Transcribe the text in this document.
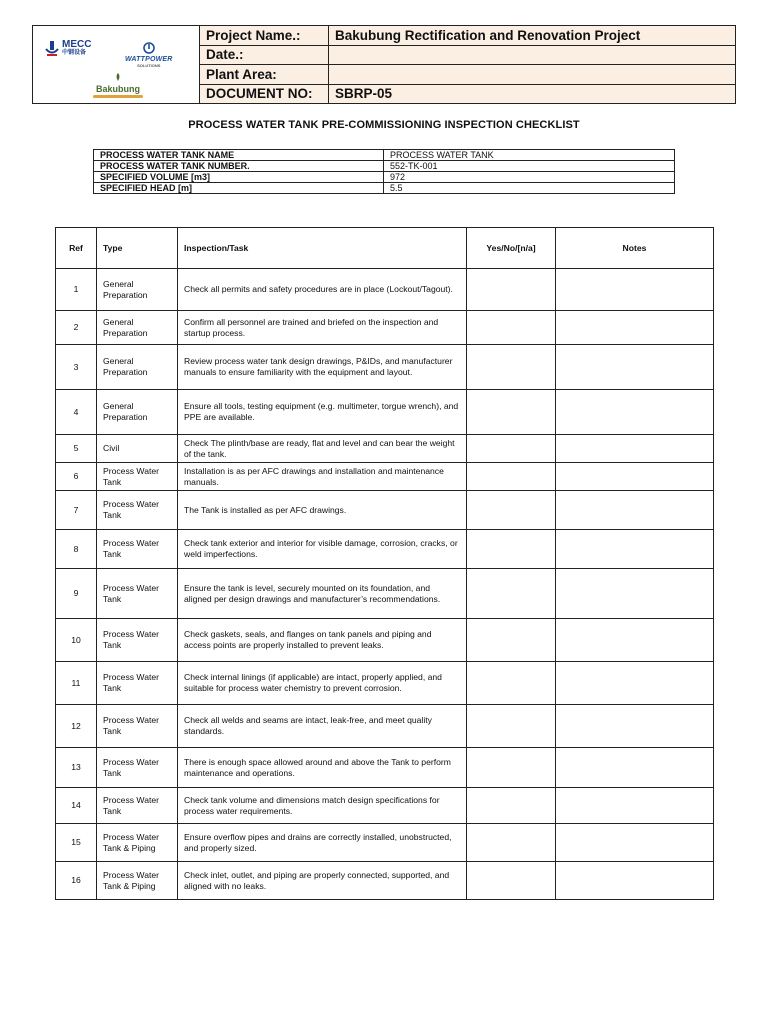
MECC
中钢设备
WATTPOWER
SOLUTIONS
Bakubung
Project Name.:	Bakubung Rectification and Renovation Project
Date.:
Plant Area:
DOCUMENT NO:	SBRP-05
PROCESS WATER TANK PRE-COMMISSIONING INSPECTION CHECKLIST
PROCESS WATER TANK NAME	PROCESS WATER TANK
PROCESS WATER TANK NUMBER.	552-TK-001
SPECIFIED VOLUME [m3]	972
SPECIFIED HEAD [m]	5.5
Ref	Type	Inspection/Task	Yes/No/[n/a]	Notes
1	General Preparation	Check all permits and safety procedures are in place (Lockout/Tagout).		
2	General Preparation	Confirm all personnel are trained and briefed on the inspection and startup process.		
3	General Preparation	Review process water tank design drawings, P&IDs, and manufacturer manuals to ensure familiarity with the equipment and layout.		
4	General Preparation	Ensure all tools, testing equipment (e.g. multimeter, torgue wrench), and PPE are available.		
5	Civil	Check The plinth/base are ready, flat and level and can bear the weight of the tank.		
6	Process Water Tank	Installation is as per AFC drawings and installation and maintenance manuals.		
7	Process Water Tank	The Tank is installed as per AFC drawings.		
8	Process Water Tank	Check tank exterior and interior for visible damage, corrosion, cracks, or weld imperfections.		
9	Process Water Tank	Ensure the tank is level, securely mounted on its foundation, and aligned per design drawings and manufacturer’s recommendations.		
10	Process Water Tank	Check gaskets, seals, and flanges on tank panels and piping and access points are properly installed to prevent leaks.		
11	Process Water Tank	Check internal linings (if applicable) are intact, properly applied, and suitable for process water chemistry to prevent corrosion.		
12	Process Water Tank	Check all welds and seams are intact, leak-free, and meet quality standards.		
13	Process Water Tank	There is enough space allowed around and above the Tank to perform maintenance and operations.		
14	Process Water Tank	Check tank volume and dimensions match design specifications for process water requirements.		
15	Process Water Tank & Piping	Ensure overflow pipes and drains are correctly installed, unobstructed, and properly sized.		
16	Process Water Tank & Piping	Check inlet, outlet, and piping are properly connected, supported, and aligned with no leaks.		
